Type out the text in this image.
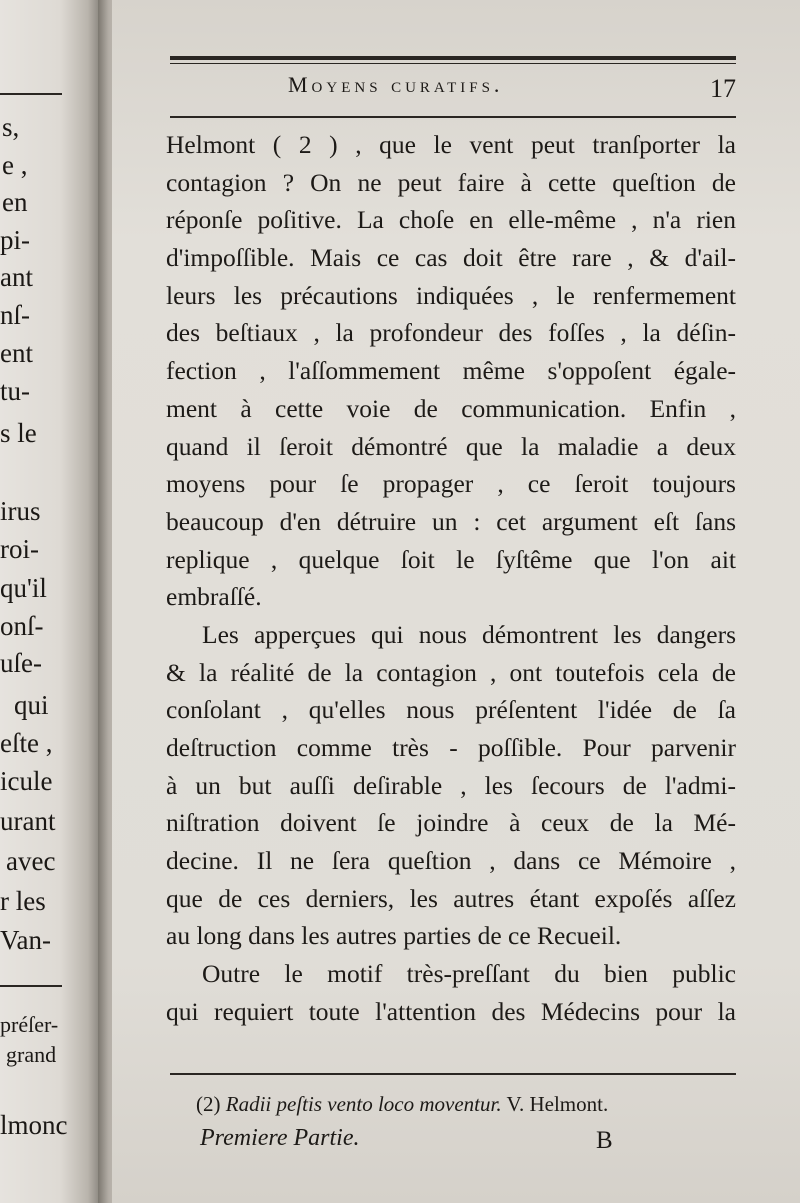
s,
e ,
en
pi-
ant
nſ-
ent
tu-
s le
irus
roi-
qu'il
onſ-
uſe-
qui
eſte ,
icule
urant
avec
r les
Van-
préſer-
grand
lmonc
Moyens curatifs.	17
Helmont ( 2 ) , que le vent peut tranſporter la
contagion ? On ne peut faire à cette queſtion de
réponſe poſitive. La choſe en elle-même , n'a rien
d'impoſſible. Mais ce cas doit être rare , & d'ail-
leurs les précautions indiquées , le renfermement
des beſtiaux , la profondeur des foſſes , la déſin-
fection , l'aſſommement même s'oppoſent égale-
ment à cette voie de communication. Enfin ,
quand il ſeroit démontré que la maladie a deux
moyens pour ſe propager , ce ſeroit toujours
beaucoup d'en détruire un : cet argument eſt ſans
replique , quelque ſoit le ſyſtême que l'on ait
embraſſé.
Les apperçues qui nous démontrent les dangers
& la réalité de la contagion , ont toutefois cela de
conſolant , qu'elles nous préſentent l'idée de ſa
deſtruction comme très - poſſible. Pour parvenir
à un but auſſi deſirable , les ſecours de l'admi-
niſtration doivent ſe joindre à ceux de la Mé-
decine. Il ne ſera queſtion , dans ce Mémoire ,
que de ces derniers, les autres étant expoſés aſſez
au long dans les autres parties de ce Recueil.
Outre le motif très-preſſant du bien public
qui requiert toute l'attention des Médecins pour la
(2) Radii peſtis vento loco moventur. V. Helmont.
Premiere Partie.	B
